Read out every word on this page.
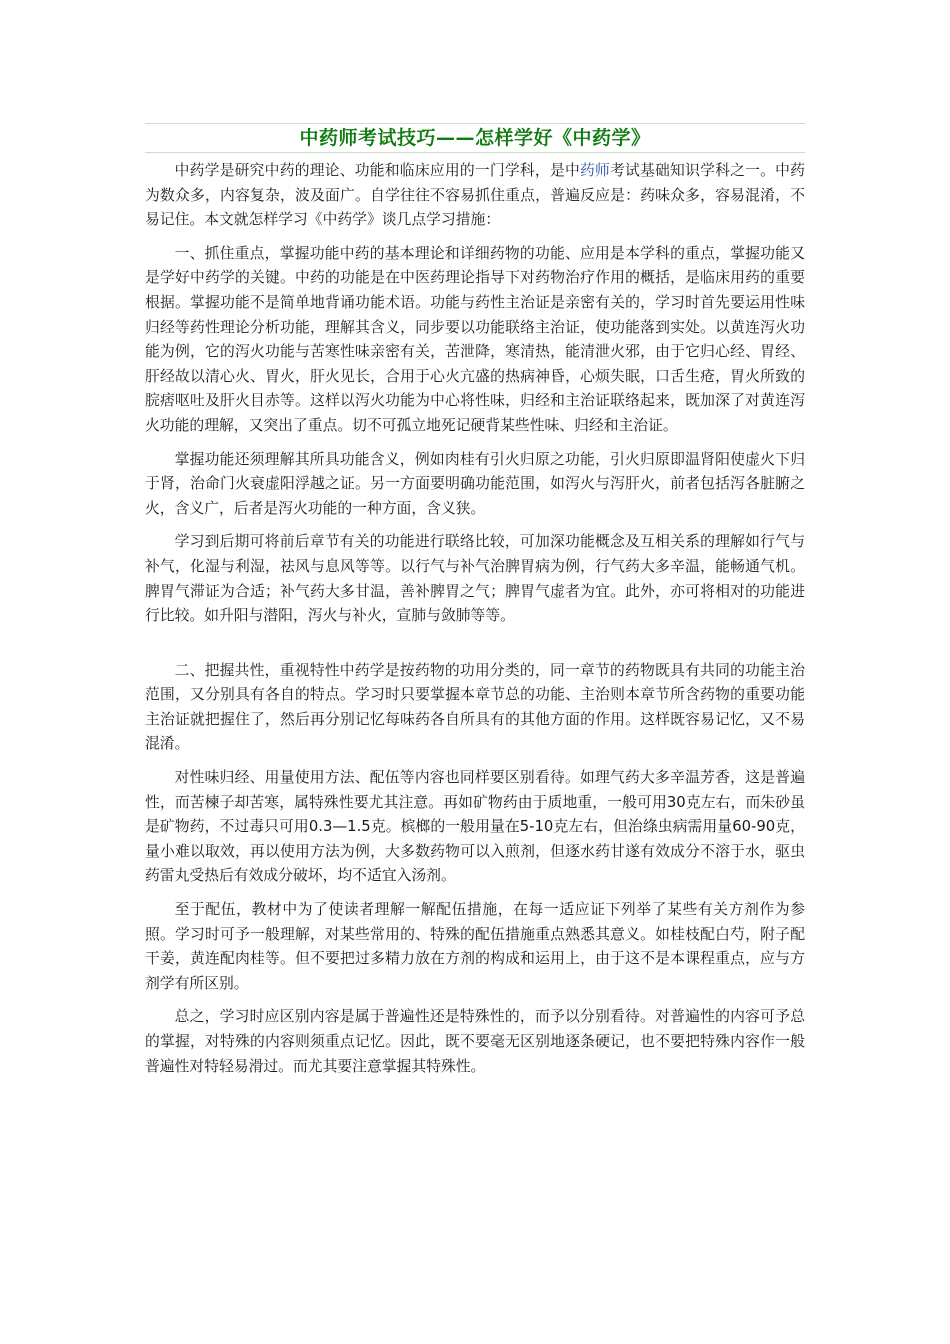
中药师考试技巧——怎样学好《中药学》

中药学是研究中药的理论、功能和临床应用的一门学科，是中药师考试基础知识学科之一。中药为数众多，内容复杂，波及面广。自学往往不容易抓住重点，普遍反应是：药味众多，容易混淆，不易记住。本文就怎样学习《中药学》谈几点学习措施：

一、抓住重点，掌握功能中药的基本理论和详细药物的功能、应用是本学科的重点，掌握功能又是学好中药学的关键。中药的功能是在中医药理论指导下对药物治疗作用的概括，是临床用药的重要根据。掌握功能不是简单地背诵功能术语。功能与药性主治证是亲密有关的，学习时首先要运用性味归经等药性理论分析功能，理解其含义，同步要以功能联络主治证，使功能落到实处。以黄连泻火功能为例，它的泻火功能与苦寒性味亲密有关，苦泄降，寒清热，能清泄火邪，由于它归心经、胃经、肝经故以清心火、胃火，肝火见长，合用于心火亢盛的热病神昏，心烦失眠，口舌生疮，胃火所致的脘痞呕吐及肝火目赤等。这样以泻火功能为中心将性味，归经和主治证联络起来，既加深了对黄连泻火功能的理解，又突出了重点。切不可孤立地死记硬背某些性味、归经和主治证。

掌握功能还须理解其所具功能含义，例如肉桂有引火归原之功能，引火归原即温肾阳使虚火下归于肾，治命门火衰虚阳浮越之证。另一方面要明确功能范围，如泻火与泻肝火，前者包括泻各脏腑之火，含义广，后者是泻火功能的一种方面，含义狭。

学习到后期可将前后章节有关的功能进行联络比较，可加深功能概念及互相关系的理解如行气与补气，化湿与利湿，祛风与息风等等。以行气与补气治脾胃病为例，行气药大多辛温，能畅通气机。脾胃气滞证为合适；补气药大多甘温，善补脾胃之气；脾胃气虚者为宜。此外，亦可将相对的功能进行比较。如升阳与潜阳，泻火与补火，宣肺与敛肺等等。

二、把握共性，重视特性中药学是按药物的功用分类的，同一章节的药物既具有共同的功能主治范围，又分别具有各自的特点。学习时只要掌握本章节总的功能、主治则本章节所含药物的重要功能主治证就把握住了，然后再分别记忆每味药各自所具有的其他方面的作用。这样既容易记忆，又不易混淆。

对性味归经、用量使用方法、配伍等内容也同样要区别看待。如理气药大多辛温芳香，这是普遍性，而苦楝子却苦寒，属特殊性要尤其注意。再如矿物药由于质地重，一般可用30克左右，而朱砂虽是矿物药，不过毒只可用0.3—1.5克。槟榔的一般用量在5-10克左右，但治绦虫病需用量60-90克，量小难以取效，再以使用方法为例，大多数药物可以入煎剂，但逐水药甘遂有效成分不溶于水，驱虫药雷丸受热后有效成分破坏，均不适宜入汤剂。

至于配伍，教材中为了使读者理解一解配伍措施，在每一适应证下列举了某些有关方剂作为参照。学习时可予一般理解，对某些常用的、特殊的配伍措施重点熟悉其意义。如桂枝配白芍，附子配干姜，黄连配肉桂等。但不要把过多精力放在方剂的构成和运用上，由于这不是本课程重点，应与方剂学有所区别。

总之，学习时应区别内容是属于普遍性还是特殊性的，而予以分别看待。对普遍性的内容可予总的掌握，对特殊的内容则须重点记忆。因此，既不要毫无区别地逐条硬记，也不要把特殊内容作一般普遍性对特轻易滑过。而尤其要注意掌握其特殊性。
